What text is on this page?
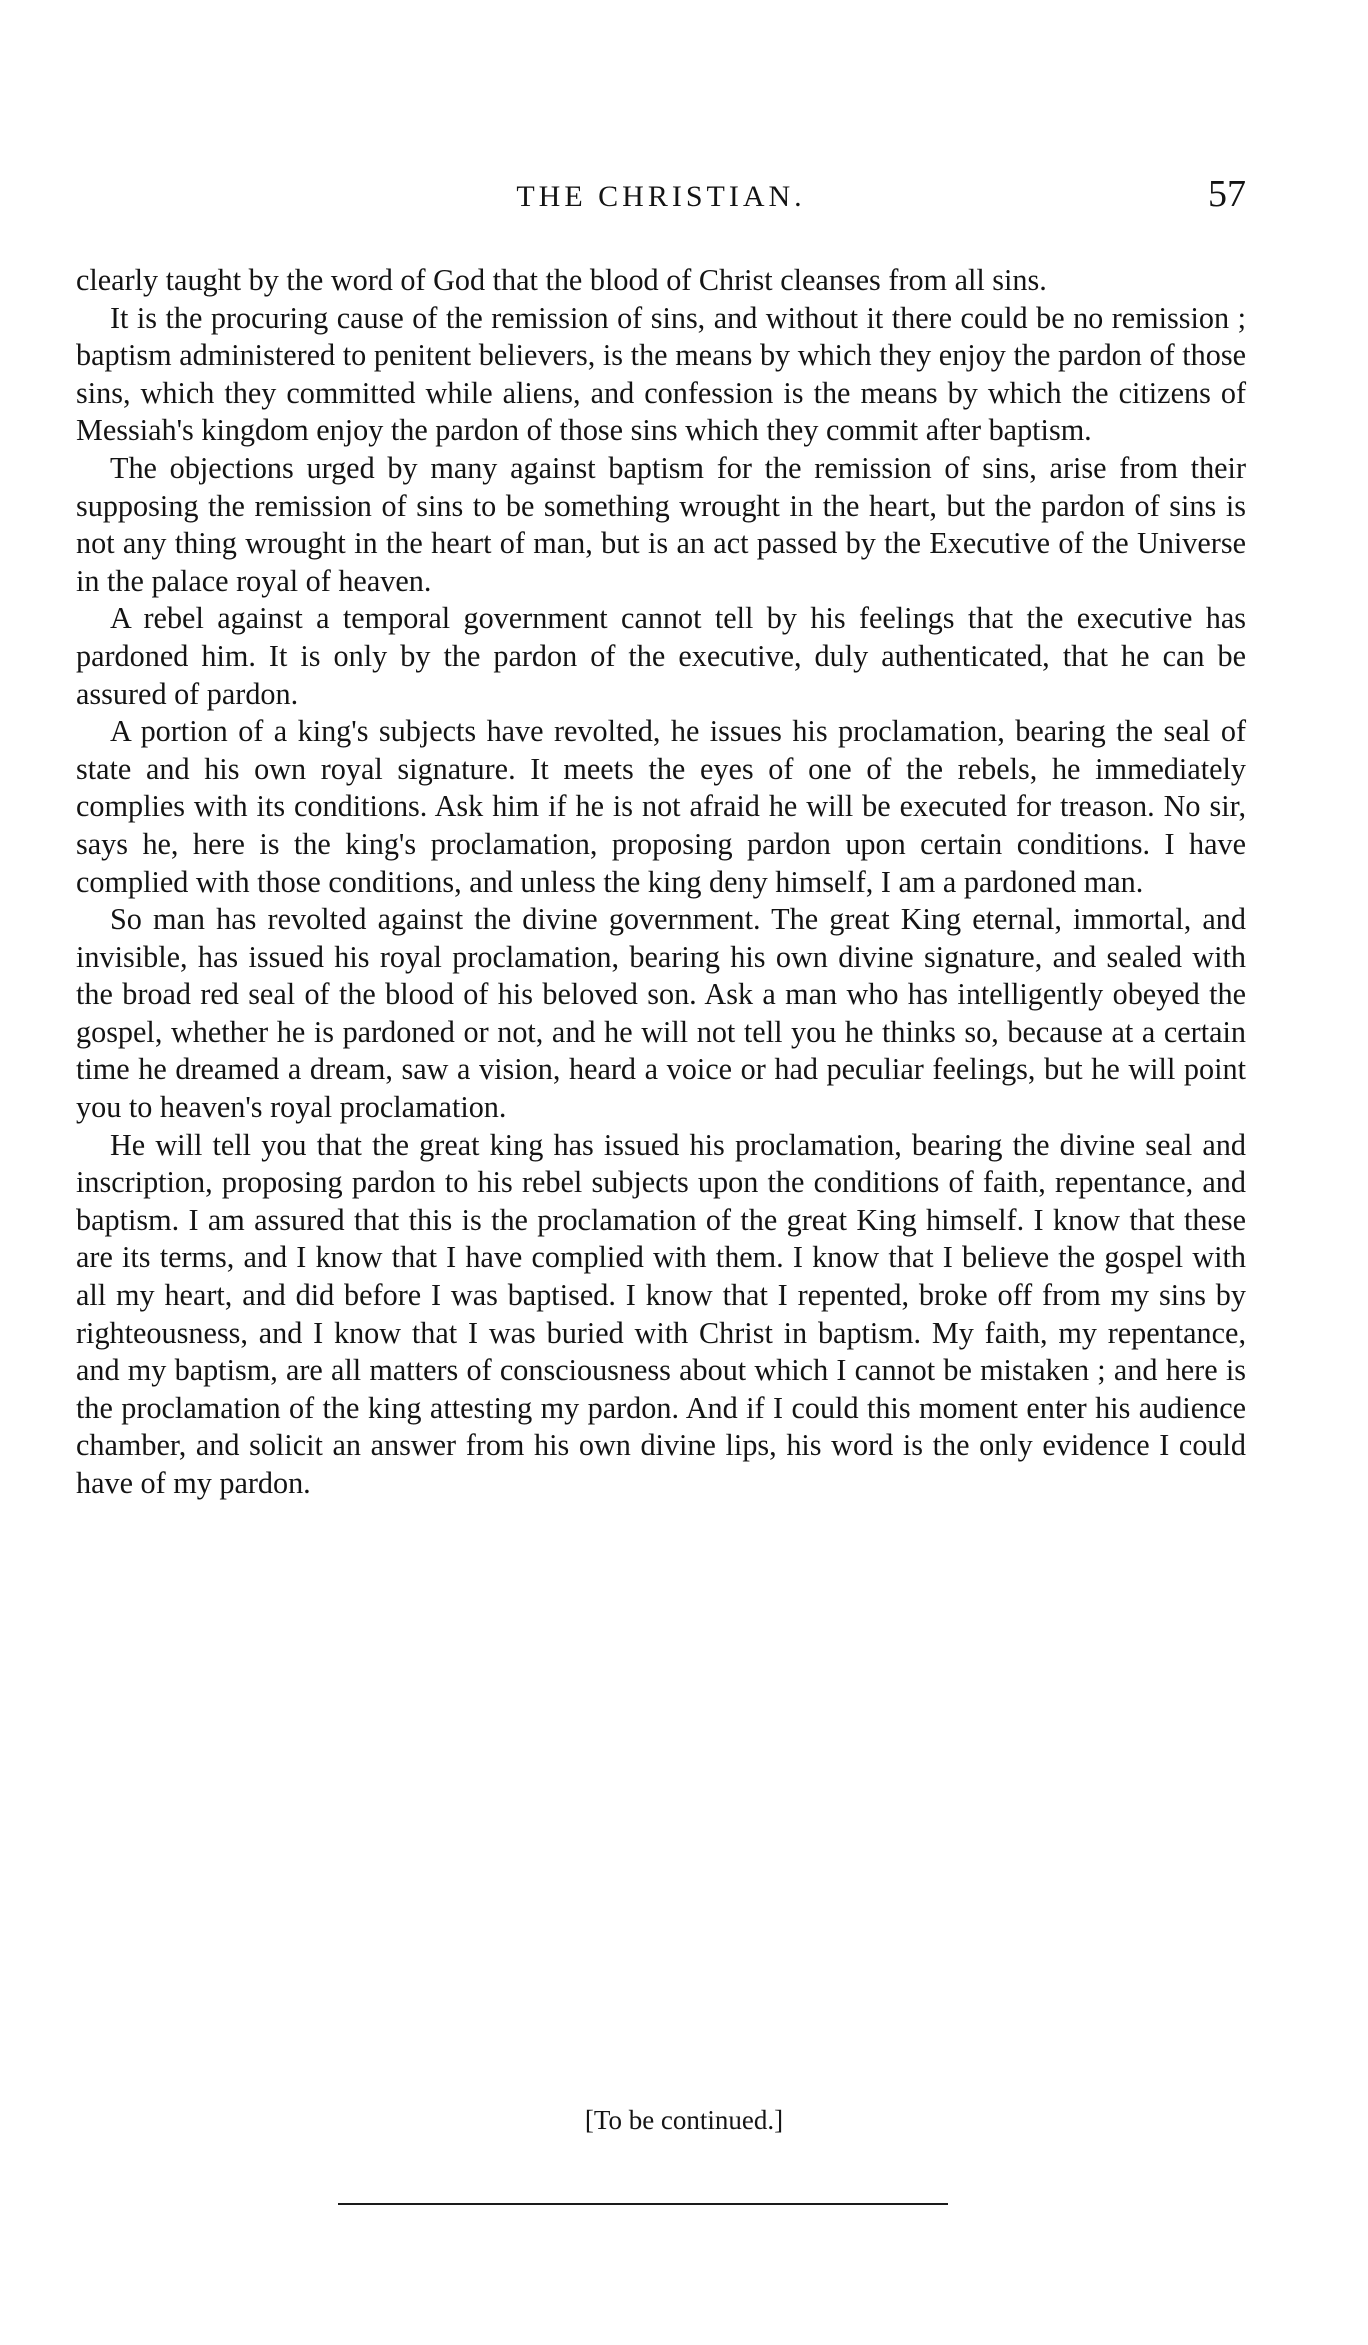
THE CHRISTIAN.	57

clearly taught by the word of God that the blood of Christ cleanses from all sins.

It is the procuring cause of the remission of sins, and without it there could be no remission ; baptism administered to penitent believers, is the means by which they enjoy the pardon of those sins, which they committed while aliens, and confession is the means by which the citizens of Messiah's kingdom enjoy the pardon of those sins which they commit after baptism.

The objections urged by many against baptism for the remission of sins, arise from their supposing the remission of sins to be something wrought in the heart, but the pardon of sins is not any thing wrought in the heart of man, but is an act passed by the Executive of the Universe in the palace royal of heaven.

A rebel against a temporal government cannot tell by his feelings that the executive has pardoned him. It is only by the pardon of the executive, duly authenticated, that he can be assured of pardon.

A portion of a king's subjects have revolted, he issues his proclamation, bearing the seal of state and his own royal signature. It meets the eyes of one of the rebels, he immediately complies with its conditions. Ask him if he is not afraid he will be executed for treason. No sir, says he, here is the king's proclamation, proposing pardon upon certain conditions. I have complied with those conditions, and unless the king deny himself, I am a pardoned man.

So man has revolted against the divine government. The great King eternal, immortal, and invisible, has issued his royal proclamation, bearing his own divine signature, and sealed with the broad red seal of the blood of his beloved son. Ask a man who has intelligently obeyed the gospel, whether he is pardoned or not, and he will not tell you he thinks so, because at a certain time he dreamed a dream, saw a vision, heard a voice or had peculiar feelings, but he will point you to heaven's royal proclamation.

He will tell you that the great king has issued his proclamation, bearing the divine seal and inscription, proposing pardon to his rebel subjects upon the conditions of faith, repentance, and baptism. I am assured that this is the proclamation of the great King himself. I know that these are its terms, and I know that I have complied with them. I know that I believe the gospel with all my heart, and did before I was baptised. I know that I repented, broke off from my sins by righteousness, and I know that I was buried with Christ in baptism. My faith, my repentance, and my baptism, are all matters of consciousness about which I cannot be mistaken ; and here is the proclamation of the king attesting my pardon. And if I could this moment enter his audience chamber, and solicit an answer from his own divine lips, his word is the only evidence I could have of my pardon.

[To be continued.]
